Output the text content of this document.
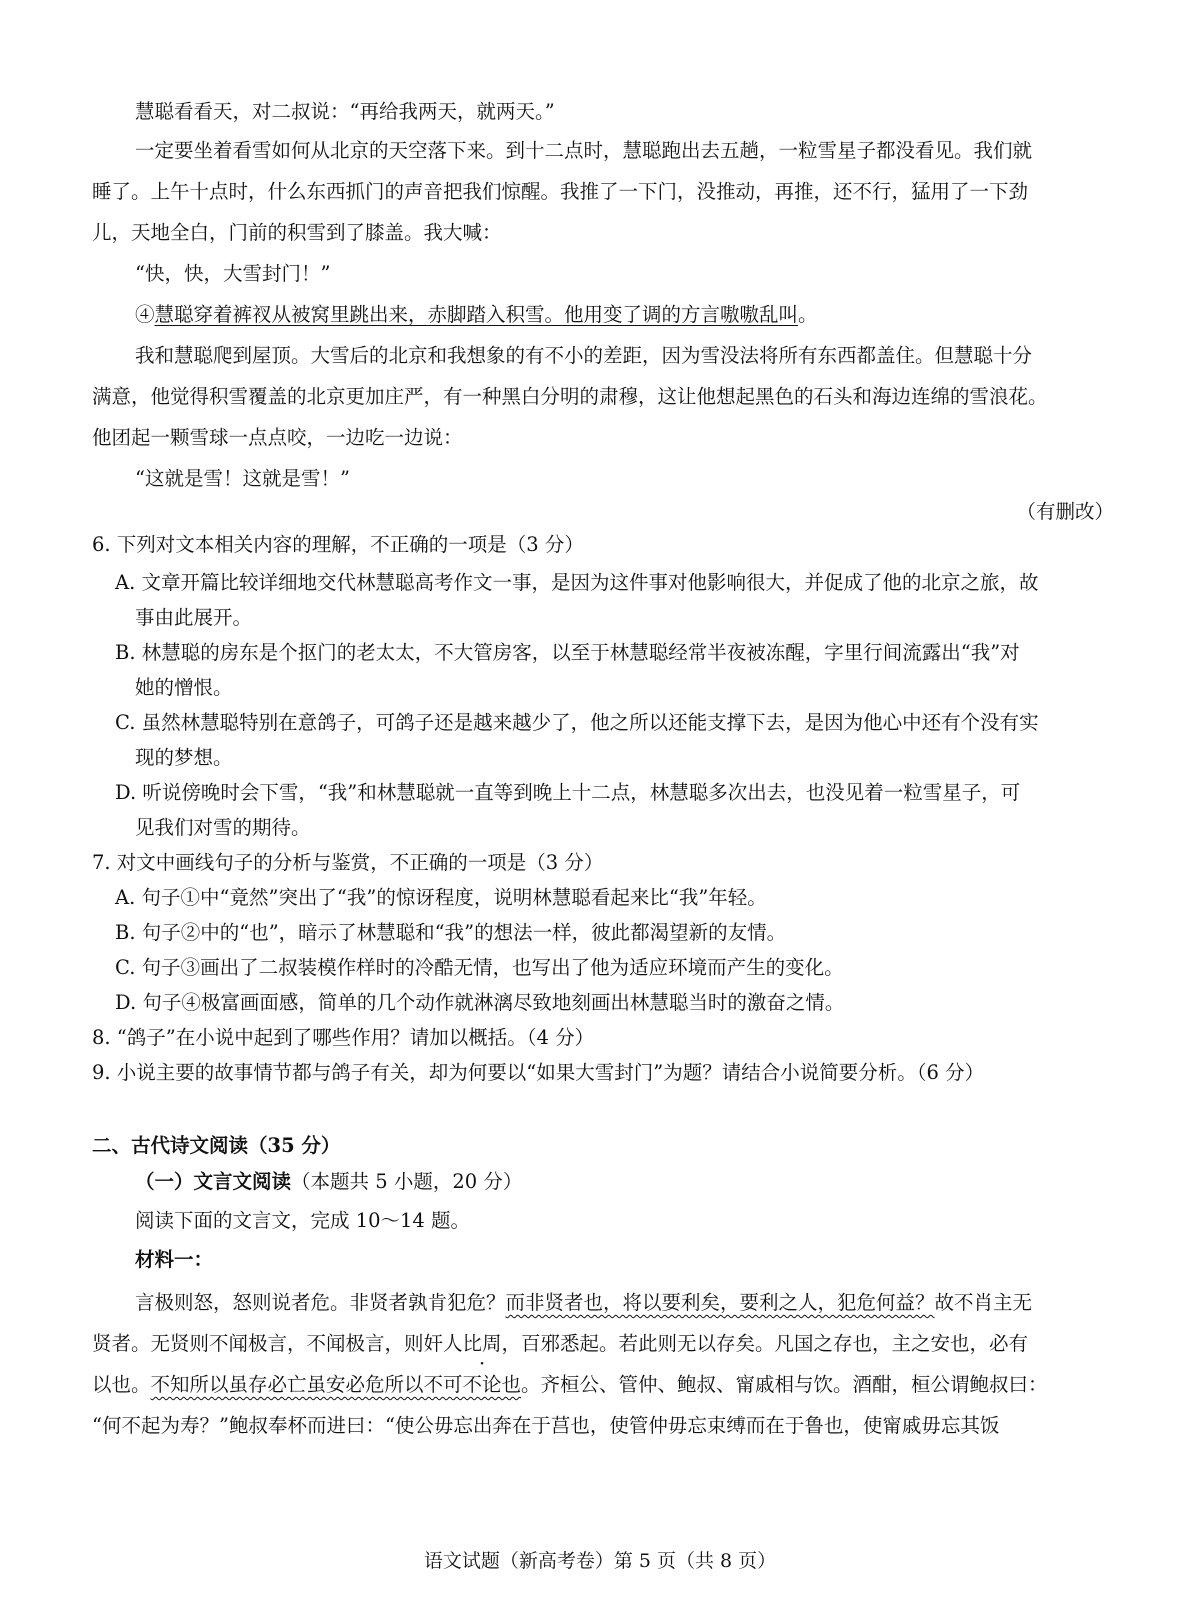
慧聪看看天，对二叔说：“再给我两天，就两天。”
一定要坐着看雪如何从北京的天空落下来。到十二点时，慧聪跑出去五趟，一粒雪星子都没看见。我们就
睡了。上午十点时，什么东西抓门的声音把我们惊醒。我推了一下门，没推动，再推，还不行，猛用了一下劲
儿，天地全白，门前的积雪到了膝盖。我大喊：
“快，快，大雪封门！”
④慧聪穿着裤衩从被窝里跳出来，赤脚踏入积雪。他用变了调的方言嗷嗷乱叫。
我和慧聪爬到屋顶。大雪后的北京和我想象的有不小的差距，因为雪没法将所有东西都盖住。但慧聪十分
满意，他觉得积雪覆盖的北京更加庄严，有一种黑白分明的肃穆，这让他想起黑色的石头和海边连绵的雪浪花。
他团起一颗雪球一点点咬，一边吃一边说：
“这就是雪！这就是雪！”
（有删改）
6. 下列对文本相关内容的理解，不正确的一项是（3 分）
A. 文章开篇比较详细地交代林慧聪高考作文一事，是因为这件事对他影响很大，并促成了他的北京之旅，故
事由此展开。
B. 林慧聪的房东是个抠门的老太太，不大管房客，以至于林慧聪经常半夜被冻醒，字里行间流露出“我”对
她的憎恨。
C. 虽然林慧聪特别在意鸽子，可鸽子还是越来越少了，他之所以还能支撑下去，是因为他心中还有个没有实
现的梦想。
D. 听说傍晚时会下雪，“我”和林慧聪就一直等到晚上十二点，林慧聪多次出去，也没见着一粒雪星子，可
见我们对雪的期待。
7. 对文中画线句子的分析与鉴赏，不正确的一项是（3 分）
A. 句子①中“竟然”突出了“我”的惊讶程度，说明林慧聪看起来比“我”年轻。
B. 句子②中的“也”，暗示了林慧聪和“我”的想法一样，彼此都渴望新的友情。
C. 句子③画出了二叔装模作样时的冷酷无情，也写出了他为适应环境而产生的变化。
D. 句子④极富画面感，简单的几个动作就淋漓尽致地刻画出林慧聪当时的激奋之情。
8. “鸽子”在小说中起到了哪些作用？请加以概括。（4 分）
9. 小说主要的故事情节都与鸽子有关，却为何要以“如果大雪封门”为题？请结合小说简要分析。（6 分）
二、古代诗文阅读（35 分）
（一）文言文阅读（本题共 5 小题，20 分）
阅读下面的文言文，完成 10～14 题。
材料一：
言极则怒，怒则说者危。非贤者孰肯犯危？而非贤者也，将以要利矣，要利之人，犯危何益？故不肖主无
贤者。无贤则不闻极言，不闻极言，则奸人比周，百邪悉起。若此则无以存矣。凡国之存也，主之安也，必有
以也。不知所以虽存必亡虽安必危所以不可不论也。齐桓公、管仲、鲍叔、甯戚相与饮。酒酣，桓公谓鲍叔曰：
“何不起为寿？”鲍叔奉杯而进曰：“使公毋忘出奔在于莒也，使管仲毋忘束缚而在于鲁也，使甯戚毋忘其饭
语文试题（新高考卷）第 5 页（共 8 页）
